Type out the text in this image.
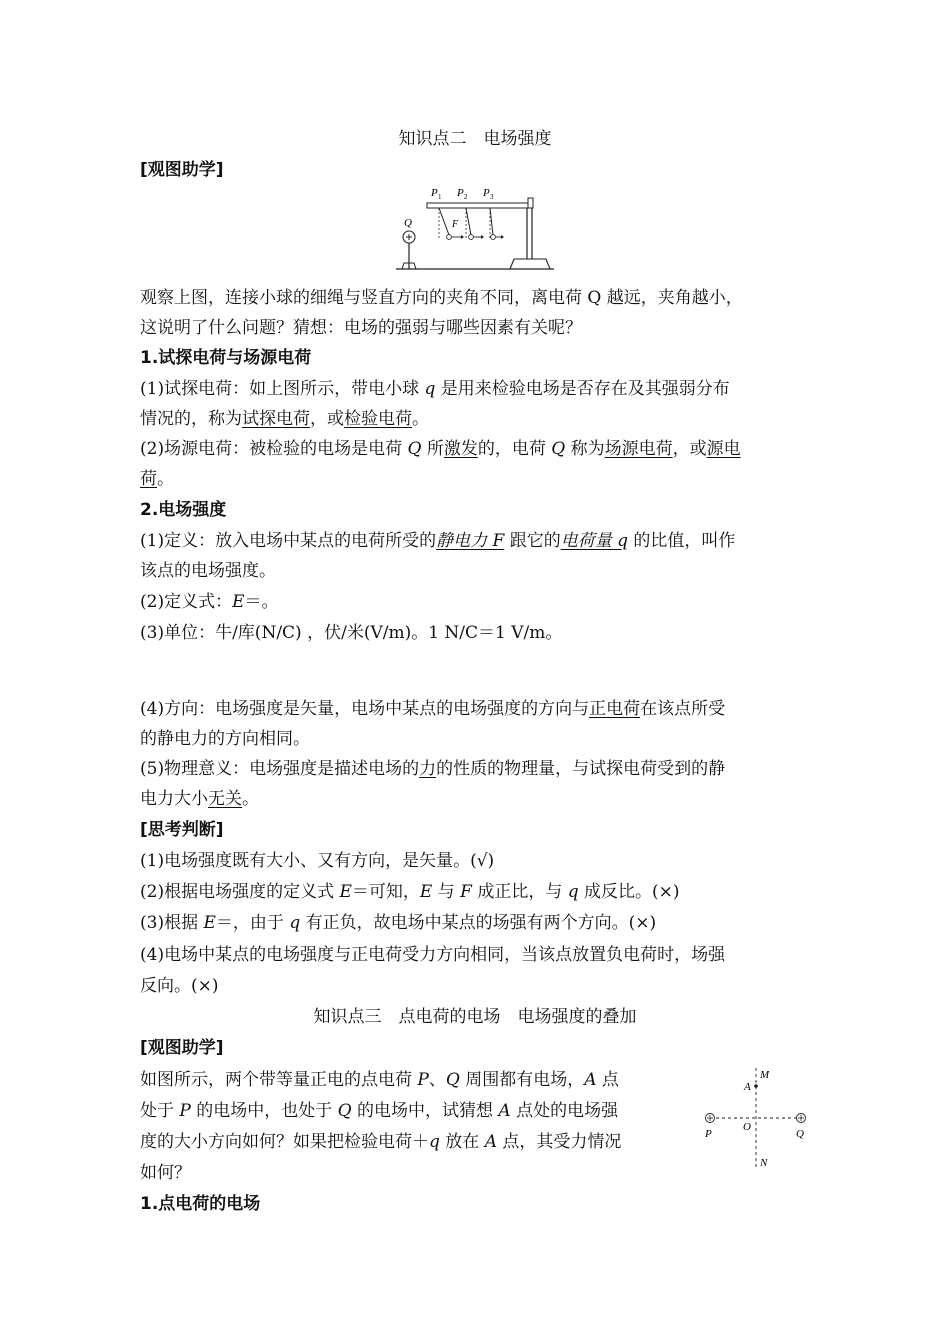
知识点二　电场强度
[观图助学]
Q
P 1 P 2 P 3
F
观察上图，连接小球的细绳与竖直方向的夹角不同，离电荷 Q 越远，夹角越小，
这说明了什么问题？猜想：电场的强弱与哪些因素有关呢？
1.试探电荷与场源电荷
(1)试探电荷：如上图所示，带电小球 q 是用来检验电场是否存在及其强弱分布
情况的，称为试探电荷，或检验电荷。
(2)场源电荷：被检验的电场是电荷 Q 所激发的，电荷 Q 称为场源电荷，或源电
荷。
2.电场强度
(1)定义：放入电场中某点的电荷所受的静电力 F 跟它的电荷量 q 的比值，叫作
该点的电场强度。
(2)定义式：E＝。
(3)单位：牛/库(N/C) ，伏/米(V/m)。1 N/C＝1 V/m。
(4)方向：电场强度是矢量，电场中某点的电场强度的方向与正电荷在该点所受
的静电力的方向相同。
(5)物理意义：电场强度是描述电场的力的性质的物理量，与试探电荷受到的静
电力大小无关。
[思考判断]
(1)电场强度既有大小、又有方向，是矢量。(√)
(2)根据电场强度的定义式 E＝可知，E 与 F 成正比，与 q 成反比。(×)
(3)根据 E＝，由于 q 有正负，故电场中某点的场强有两个方向。(×)
(4)电场中某点的电场强度与正电荷受力方向相同，当该点放置负电荷时，场强
反向。(×)
知识点三　点电荷的电场　电场强度的叠加
[观图助学]
如图所示，两个带等量正电的点电荷 P、Q 周围都有电场，A 点
处于 P 的电场中，也处于 Q 的电场中，试猜想 A 点处的电场强
度的大小方向如何？如果把检验电荷＋q 放在 A 点，其受力情况
如何？
M
A
P
O
Q
N
1.点电荷的电场
